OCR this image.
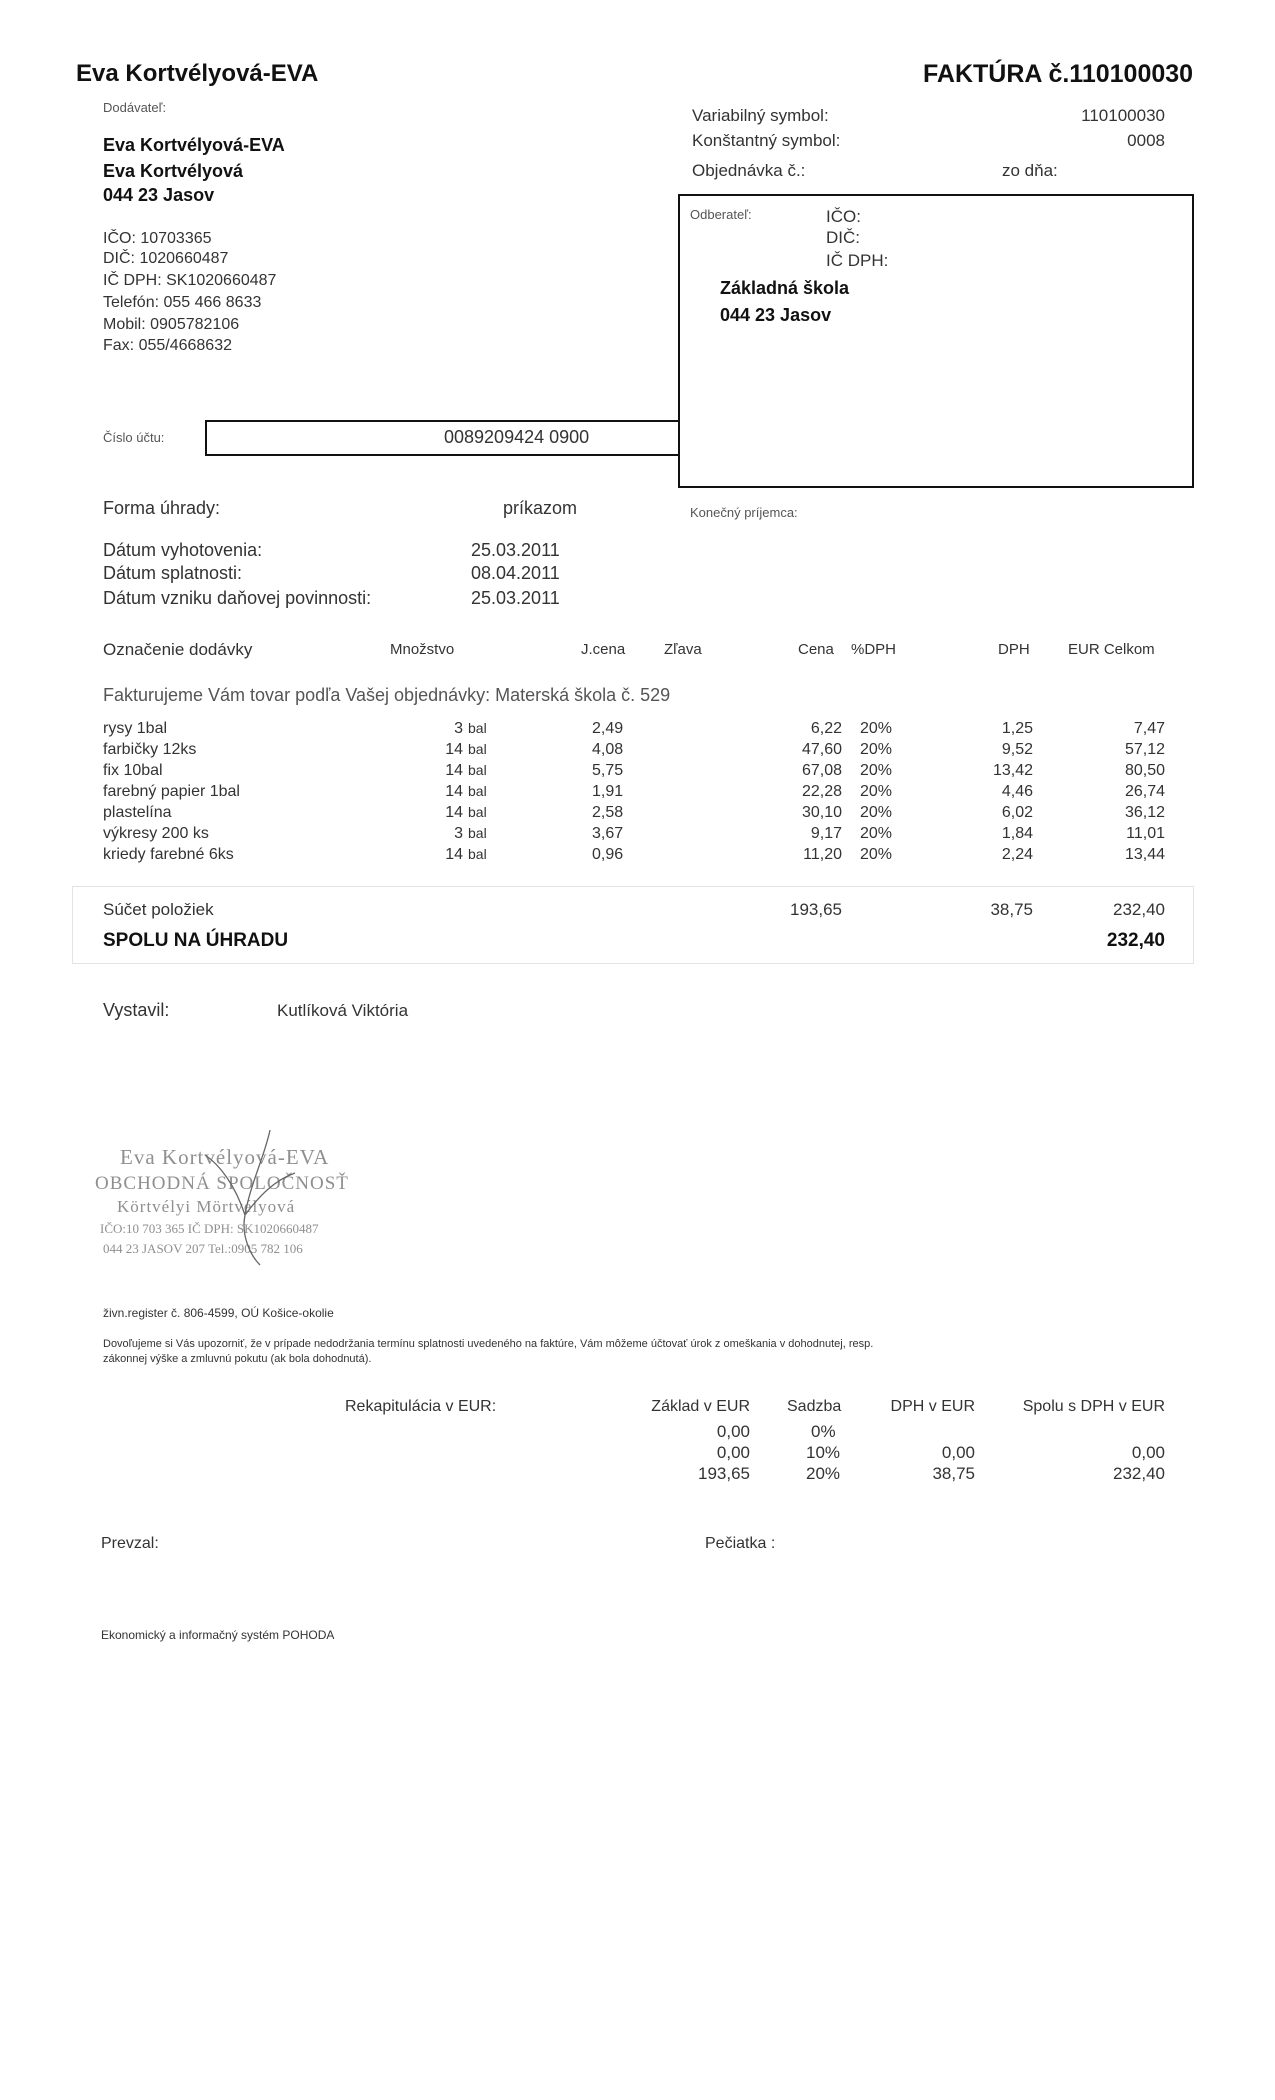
Eva Kortvélyová-EVA	FAKTÚRA č.110100030
Dodávateľ:
Eva Kortvélyová-EVA
Eva Kortvélyová
044 23 Jasov
IČO: 10703365
DIČ: 1020660487
IČ DPH: SK1020660487
Telefón: 055 466 8633
Mobil: 0905782106
Fax: 055/4668632
Variabilný symbol:	110100030
Konštantný symbol:	0008
Objednávka č.:	zo dňa:
Odberateľ:	IČO:
DIČ:
IČ DPH:
Základná škola
044 23 Jasov
Číslo účtu:	0089209424 0900
Forma úhrady:	príkazom	Konečný príjemca:
Dátum vyhotovenia:	25.03.2011
Dátum splatnosti:	08.04.2011
Dátum vzniku daňovej povinnosti:	25.03.2011
Označenie dodávky	Množstvo	J.cena	Zľava	Cena %DPH	DPH	EUR Celkom
Fakturujeme Vám tovar podľa Vašej objednávky: Materská škola č. 529
rysy 1bal	3 bal	2,49	6,22 20%	1,25	7,47
farbičky 12ks	14 bal	4,08	47,60 20%	9,52	57,12
fix 10bal	14 bal	5,75	67,08 20%	13,42	80,50
farebný papier 1bal	14 bal	1,91	22,28 20%	4,46	26,74
plastelína	14 bal	2,58	30,10 20%	6,02	36,12
výkresy 200 ks	3 bal	3,67	9,17 20%	1,84	11,01
kriedy farebné 6ks	14 bal	0,96	11,20 20%	2,24	13,44
Súčet položiek	193,65	38,75	232,40
SPOLU NA ÚHRADU	232,40
Vystavil:	Kutlíková Viktória
Eva Kortvélyová-EVA
OBCHODNÁ SPOLOČNOSŤ
Körtvélyi Mörtvélyová
IČO:10 703 365 IČ DPH: SK1020660487
044 23 JASOV 207 Tel.:0905 782 106
živn.register č. 806-4599, OÚ Košice-okolie
Dovoľujeme si Vás upozorniť, že v prípade nedodržania termínu splatnosti uvedeného na faktúre, Vám môžeme účtovať úrok z omeškania v dohodnutej, resp.
zákonnej výške a zmluvnú pokutu (ak bola dohodnutá).
Rekapitulácia v EUR:	Základ v EUR Sadzba	DPH v EUR	Spolu s DPH v EUR
0,00	0%
0,00	10%	0,00	0,00
193,65	20%	38,75	232,40
Prevzal:	Pečiatka :
Ekonomický a informačný systém POHODA
